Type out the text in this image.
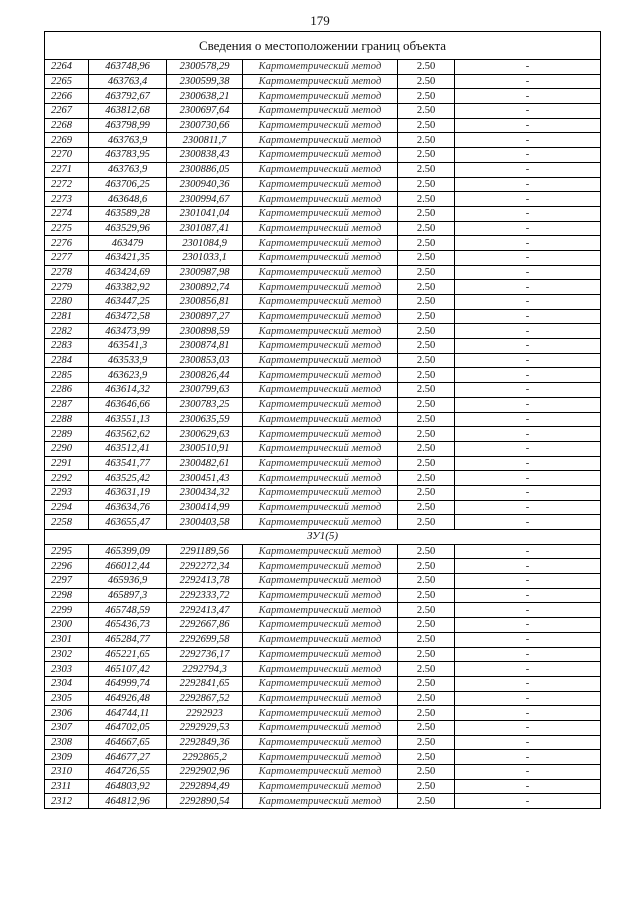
179
Сведения о местоположении границ объекта					
2264	463748,96	2300578,29	Картометрический метод	2.50	-
2265	463763,4	2300599,38	Картометрический метод	2.50	-
2266	463792,67	2300638,21	Картометрический метод	2.50	-
2267	463812,68	2300697,64	Картометрический метод	2.50	-
2268	463798,99	2300730,66	Картометрический метод	2.50	-
2269	463763,9	2300811,7	Картометрический метод	2.50	-
2270	463783,95	2300838,43	Картометрический метод	2.50	-
2271	463763,9	2300886,05	Картометрический метод	2.50	-
2272	463706,25	2300940,36	Картометрический метод	2.50	-
2273	463648,6	2300994,67	Картометрический метод	2.50	-
2274	463589,28	2301041,04	Картометрический метод	2.50	-
2275	463529,96	2301087,41	Картометрический метод	2.50	-
2276	463479	2301084,9	Картометрический метод	2.50	-
2277	463421,35	2301033,1	Картометрический метод	2.50	-
2278	463424,69	2300987,98	Картометрический метод	2.50	-
2279	463382,92	2300892,74	Картометрический метод	2.50	-
2280	463447,25	2300856,81	Картометрический метод	2.50	-
2281	463472,58	2300897,27	Картометрический метод	2.50	-
2282	463473,99	2300898,59	Картометрический метод	2.50	-
2283	463541,3	2300874,81	Картометрический метод	2.50	-
2284	463533,9	2300853,03	Картометрический метод	2.50	-
2285	463623,9	2300826,44	Картометрический метод	2.50	-
2286	463614,32	2300799,63	Картометрический метод	2.50	-
2287	463646,66	2300783,25	Картометрический метод	2.50	-
2288	463551,13	2300635,59	Картометрический метод	2.50	-
2289	463562,62	2300629,63	Картометрический метод	2.50	-
2290	463512,41	2300510,91	Картометрический метод	2.50	-
2291	463541,77	2300482,61	Картометрический метод	2.50	-
2292	463525,42	2300451,43	Картометрический метод	2.50	-
2293	463631,19	2300434,32	Картометрический метод	2.50	-
2294	463634,76	2300414,99	Картометрический метод	2.50	-
2258	463655,47	2300403,58	Картометрический метод	2.50	-
ЗУ1(5)					
2295	465399,09	2291189,56	Картометрический метод	2.50	-
2296	466012,44	2292272,34	Картометрический метод	2.50	-
2297	465936,9	2292413,78	Картометрический метод	2.50	-
2298	465897,3	2292333,72	Картометрический метод	2.50	-
2299	465748,59	2292413,47	Картометрический метод	2.50	-
2300	465436,73	2292667,86	Картометрический метод	2.50	-
2301	465284,77	2292699,58	Картометрический метод	2.50	-
2302	465221,65	2292736,17	Картометрический метод	2.50	-
2303	465107,42	2292794,3	Картометрический метод	2.50	-
2304	464999,74	2292841,65	Картометрический метод	2.50	-
2305	464926,48	2292867,52	Картометрический метод	2.50	-
2306	464744,11	2292923	Картометрический метод	2.50	-
2307	464702,05	2292929,53	Картометрический метод	2.50	-
2308	464667,65	2292849,36	Картометрический метод	2.50	-
2309	464677,27	2292865,2	Картометрический метод	2.50	-
2310	464726,55	2292902,96	Картометрический метод	2.50	-
2311	464803,92	2292894,49	Картометрический метод	2.50	-
2312	464812,96	2292890,54	Картометрический метод	2.50	-
